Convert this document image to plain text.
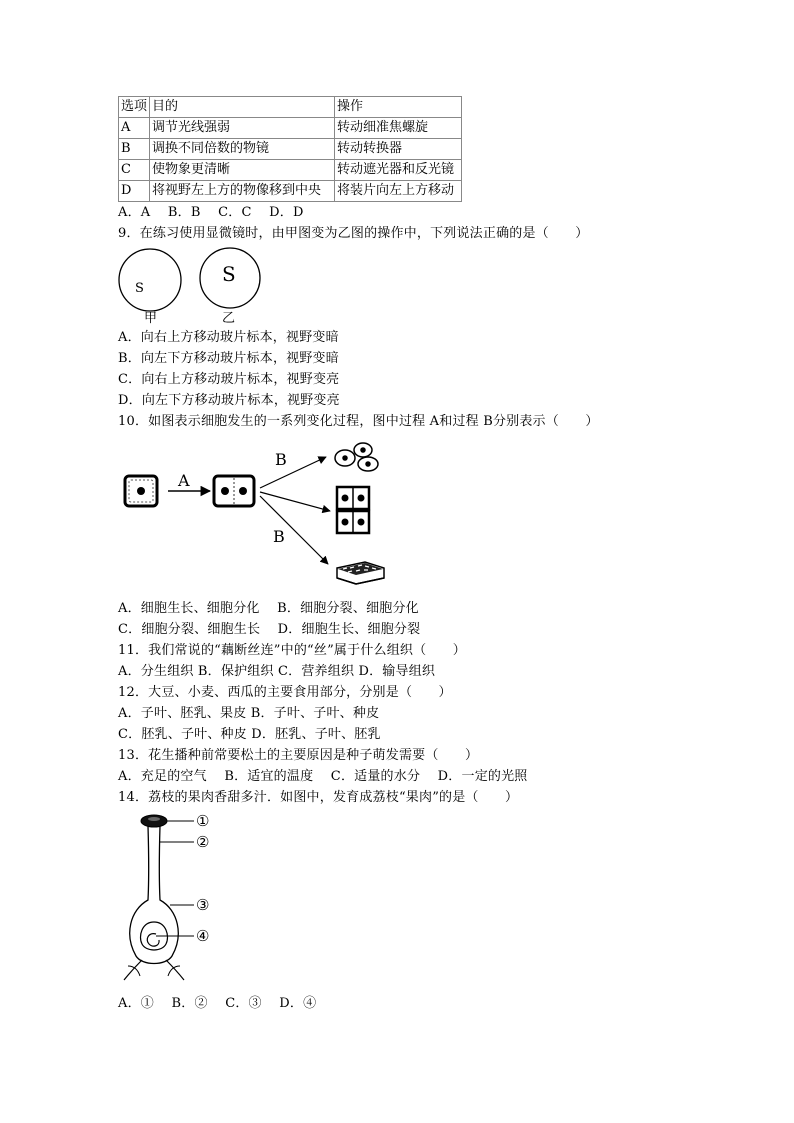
选项	目的	操作
A	调节光线强弱	转动细准焦螺旋
B	调换不同倍数的物镜	转动转换器
C	使物象更清晰	转动遮光器和反光镜
D	将视野左上方的物像移到中央	将装片向左上方移动
A．A　 B．B　 C．C　 D．D
9．在练习使用显微镜时，由甲图变为乙图的操作中，下列说法正确的是（　　）
S
甲
S
乙
A．向右上方移动玻片标本，视野变暗
B．向左下方移动玻片标本，视野变暗
C．向右上方移动玻片标本，视野变亮
D．向左下方移动玻片标本，视野变亮
10．如图表示细胞发生的一系列变化过程，图中过程 A和过程 B分别表示（　　）
A
B
B
A．细胞生长、细胞分化　 B．细胞分裂、细胞分化
C．细胞分裂、细胞生长　 D．细胞生长、细胞分裂
11．我们常说的“藕断丝连”中的“丝”属于什么组织（　　）
A．分生组织 B．保护组织 C．营养组织 D．输导组织
12．大豆、小麦、西瓜的主要食用部分，分别是（　　）
A．子叶、胚乳、果皮 B．子叶、子叶、种皮
C．胚乳、子叶、种皮 D．胚乳、子叶、胚乳
13．花生播种前常要松土的主要原因是种子萌发需要（　　）
A．充足的空气　 B．适宜的温度　 C．适量的水分　 D．一定的光照
14．荔枝的果肉香甜多汁．如图中，发育成荔枝“果肉”的是（　　）
①
②
③
④
A．①　 B．②　 C．③　 D．④
